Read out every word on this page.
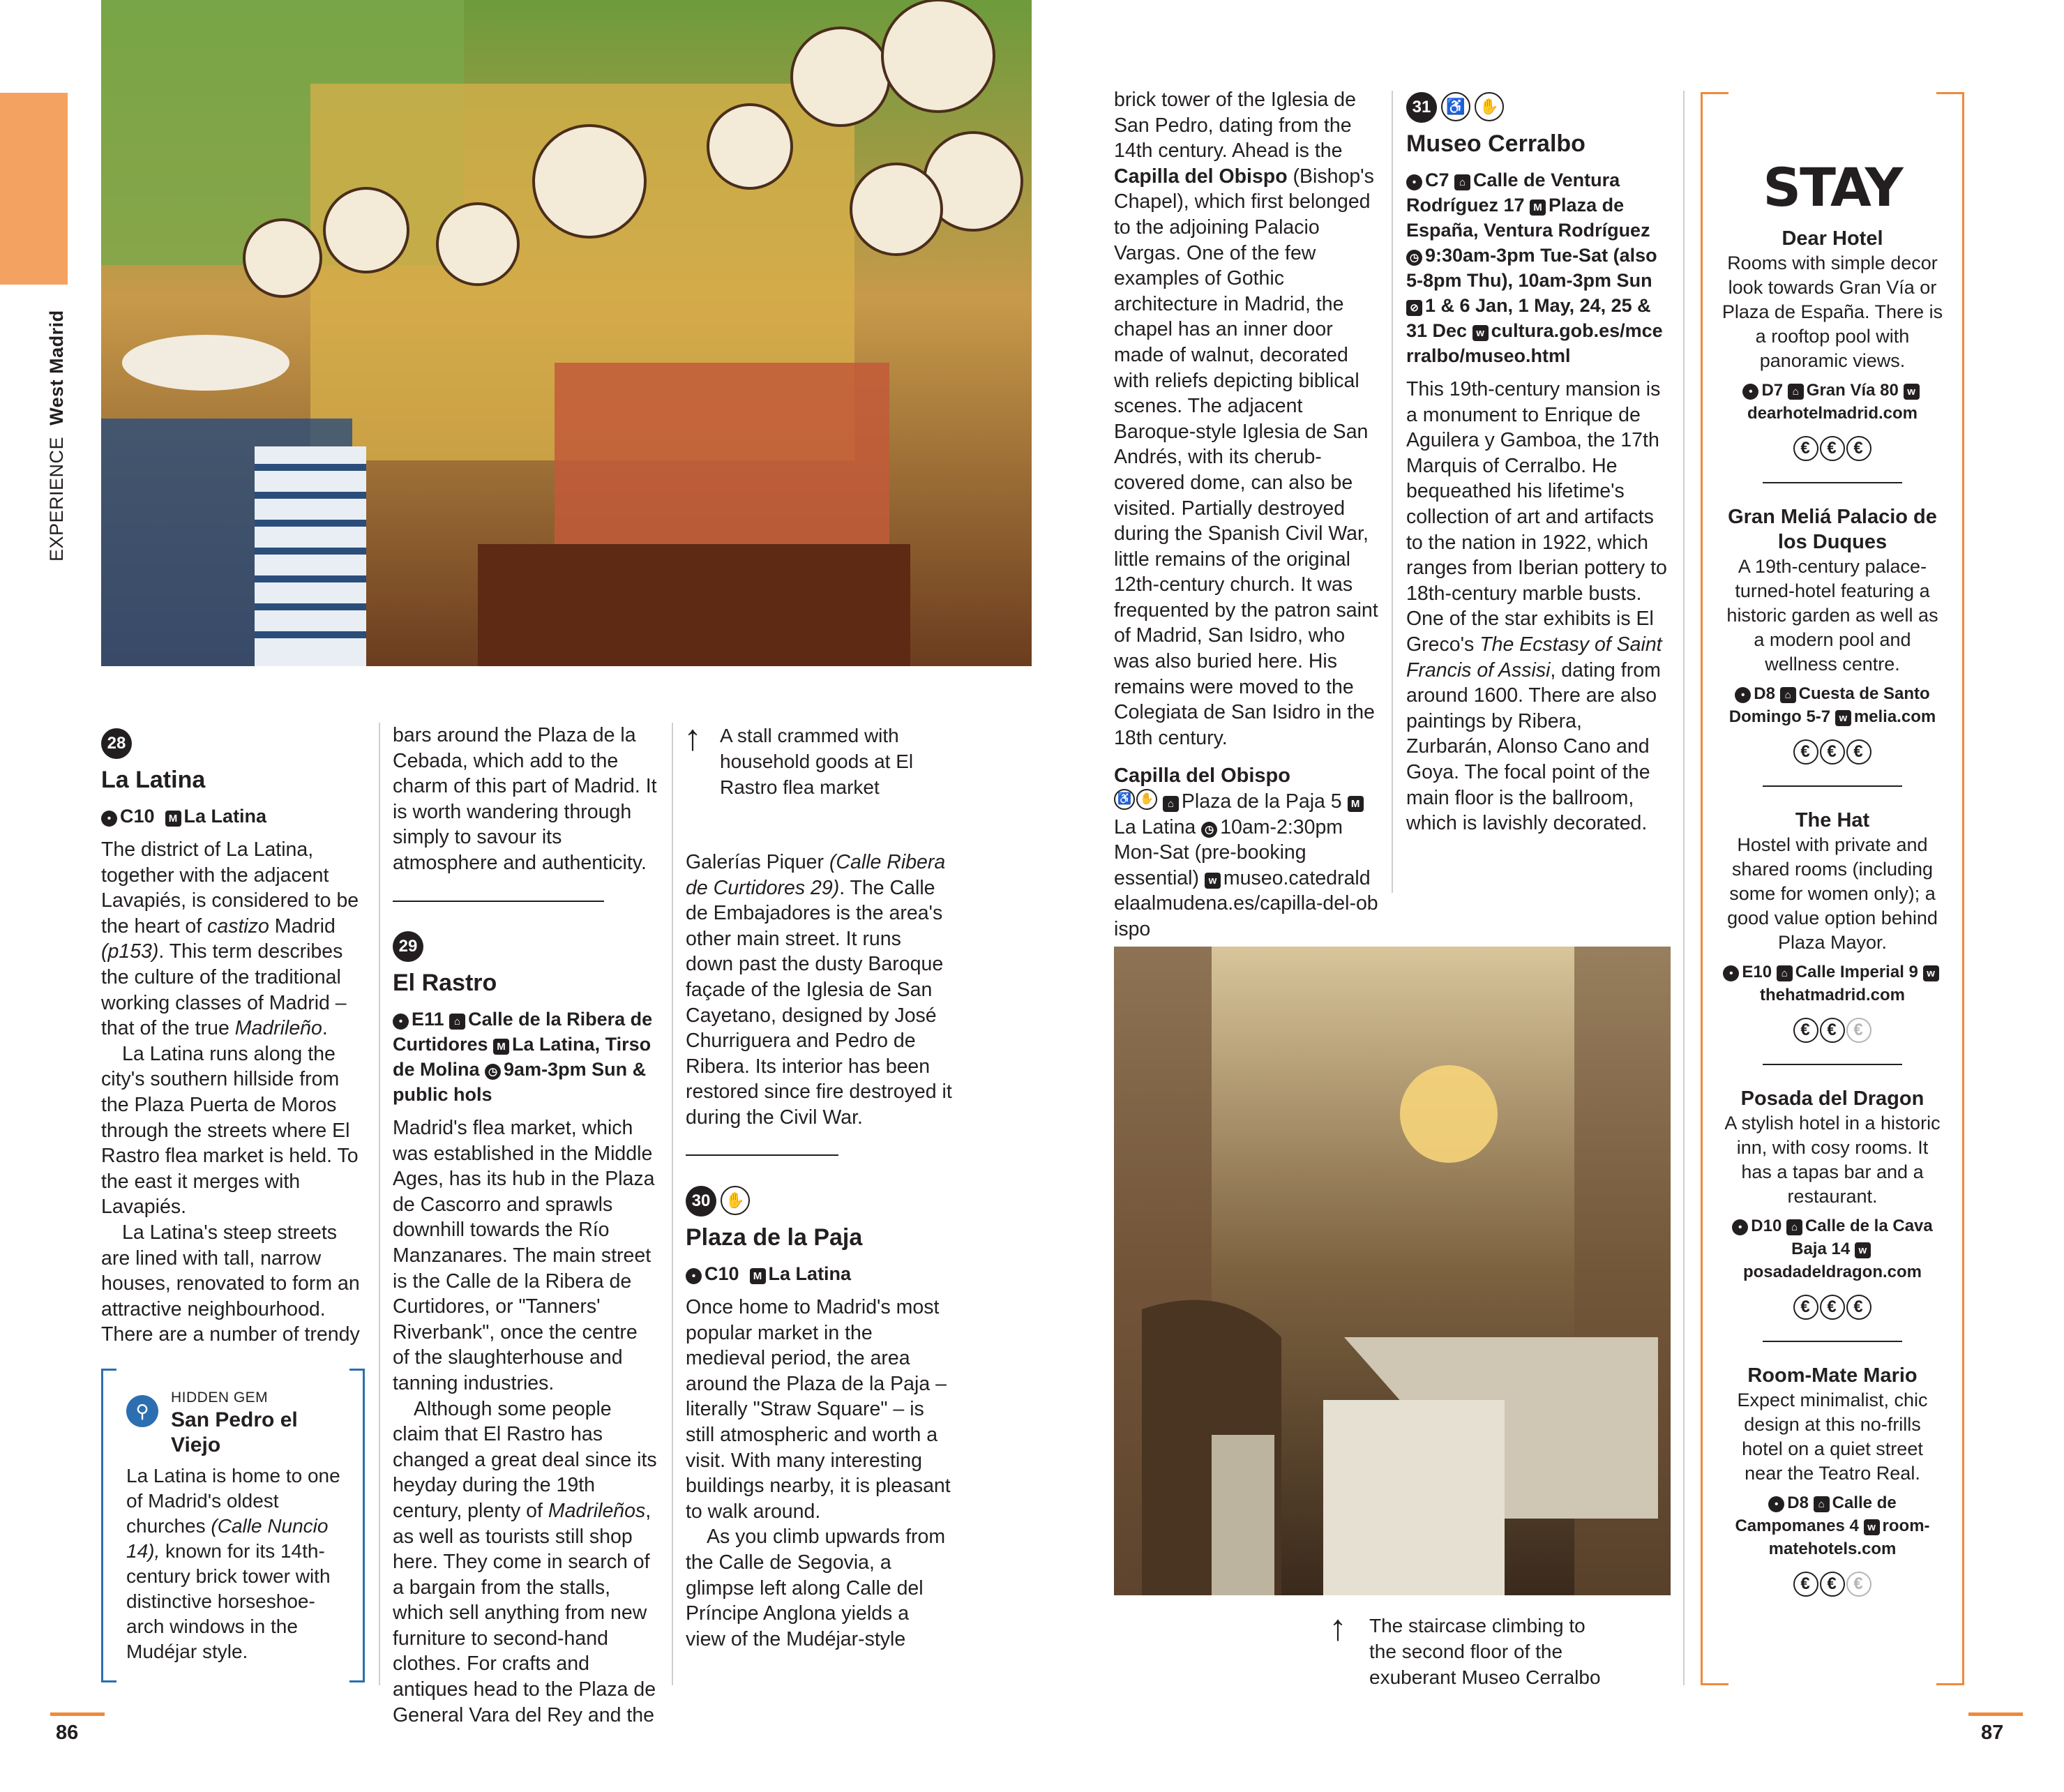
EXPERIENCE West Madrid
28
La Latina
• C10 M La Latina

The district of La Latina, together with the adjacent Lavapiés, is considered to be the heart of castizo Madrid (p153). This term describes the culture of the traditional working classes of Madrid – that of the true Madrileño.

La Latina runs along the city's southern hillside from the Plaza Puerta de Moros through the streets where El Rastro flea market is held. To the east it merges with Lavapiés.

La Latina's steep streets are lined with tall, narrow houses, renovated to form an attractive neighbourhood. There are a number of trendy

⚲
HIDDEN GEM
San Pedro el Viejo
La Latina is home to one of Madrid's oldest churches (Calle Nuncio 14), known for its 14th-century brick tower with distinctive horseshoe-arch windows in the Mudéjar style.
bars around the Plaza de la Cebada, which add to the charm of this part of Madrid. It is worth wandering through simply to savour its atmosphere and authenticity.
29
El Rastro
• E11 ⌂ Calle de la Ribera de Curtidores M La Latina, Tirso de Molina ◷ 9am-3pm Sun & public hols

Madrid's flea market, which was established in the Middle Ages, has its hub in the Plaza de Cascorro and sprawls downhill towards the Río Manzanares. The main street is the Calle de la Ribera de Curtidores, or "Tanners' Riverbank", once the centre of the slaughterhouse and tanning industries.

Although some people claim that El Rastro has changed a great deal since its heyday during the 19th century, plenty of Madrileños, as well as tourists still shop here. They come in search of a bargain from the stalls, which sell anything from new furniture to second-hand clothes. For crafts and antiques head to the Plaza de General Vara del Rey and the

↑ A stall crammed with household goods at El Rastro flea market
Galerías Piquer (Calle Ribera de Curtidores 29). The Calle de Embajadores is the area's other main street. It runs down past the dusty Baroque façade of the Iglesia de San Cayetano, designed by José Churriguera and Pedro de Ribera. Its interior has been restored since fire destroyed it during the Civil War.
30 ✋
Plaza de la Paja
• C10 M La Latina

Once home to Madrid's most popular market in the medieval period, the area around the Plaza de la Paja – literally "Straw Square" – is still atmospheric and worth a visit. With many interesting buildings nearby, it is pleasant to walk around.

As you climb upwards from the Calle de Segovia, a glimpse left along Calle del Príncipe Anglona yields a view of the Mudéjar-style

brick tower of the Iglesia de San Pedro, dating from the 14th century. Ahead is the Capilla del Obispo (Bishop's Chapel), which first belonged to the adjoining Palacio Vargas. One of the few examples of Gothic architecture in Madrid, the chapel has an inner door made of walnut, decorated with reliefs depicting biblical scenes. The adjacent Baroque-style Iglesia de San Andrés, with its cherub-covered dome, can also be visited. Partially destroyed during the Spanish Civil War, little remains of the original 12th-century church. It was frequented by the patron saint of Madrid, San Isidro, who was also buried here. His remains were moved to the Colegiata de San Isidro in the 18th century.
Capilla del Obispo
♿ ✋ ⌂ Plaza de la Paja 5 MLa Latina ◷ 10am-2:30pm Mon-Sat (pre-booking essential) w museo.catedraldelaalmudena.es/capilla-del-obispo
31 ♿ ✋
Museo Cerralbo
• C7 ⌂ Calle de Ventura Rodríguez 17 M Plaza de España, Ventura Rodríguez ◷ 9:30am-3pm Tue-Sat (also 5-8pm Thu), 10am-3pm Sun ⊘ 1 & 6 Jan, 1 May, 24, 25 & 31 Dec w cultura.gob.es/mcerralbo/museo.html

This 19th-century mansion is a monument to Enrique de Aguilera y Gamboa, the 17th Marquis of Cerralbo. He bequeathed his lifetime's collection of art and artifacts to the nation in 1922, which ranges from Iberian pottery to 18th-century marble busts. One of the star exhibits is El Greco's The Ecstasy of Saint Francis of Assisi, dating from around 1600. There are also paintings by Ribera, Zurbarán, Alonso Cano and Goya. The focal point of the main floor is the ballroom, which is lavishly decorated.

↑ The staircase climbing to the second floor of the exuberant Museo Cerralbo
STAY
Dear Hotel

Rooms with simple decor look towards Gran Vía or Plaza de España. There is a rooftop pool with panoramic views.

• D7 ⌂ Gran Vía 80 wdearhotelmadrid.com
€ € €
Gran Meliá Palacio de los Duques

A 19th-century palace-turned-hotel featuring a historic garden as well as a modern pool and wellness centre.

• D8 ⌂ Cuesta de Santo Domingo 5-7 w melia.com
€ € €
The Hat

Hostel with private and shared rooms (including some for women only); a good value option behind Plaza Mayor.

• E10 ⌂ Calle Imperial 9 wthehatmadrid.com
€ € €
Posada del Dragon

A stylish hotel in a historic inn, with cosy rooms. It has a tapas bar and a restaurant.

• D10 ⌂ Calle de la Cava Baja 14 wposadadeldragon.com
€ € €
Room-Mate Mario

Expect minimalist, chic design at this no-frills hotel on a quiet street near the Teatro Real.

• D8 ⌂ Calle de Campomanes 4 w room-matehotels.com
€ € €
86	87
